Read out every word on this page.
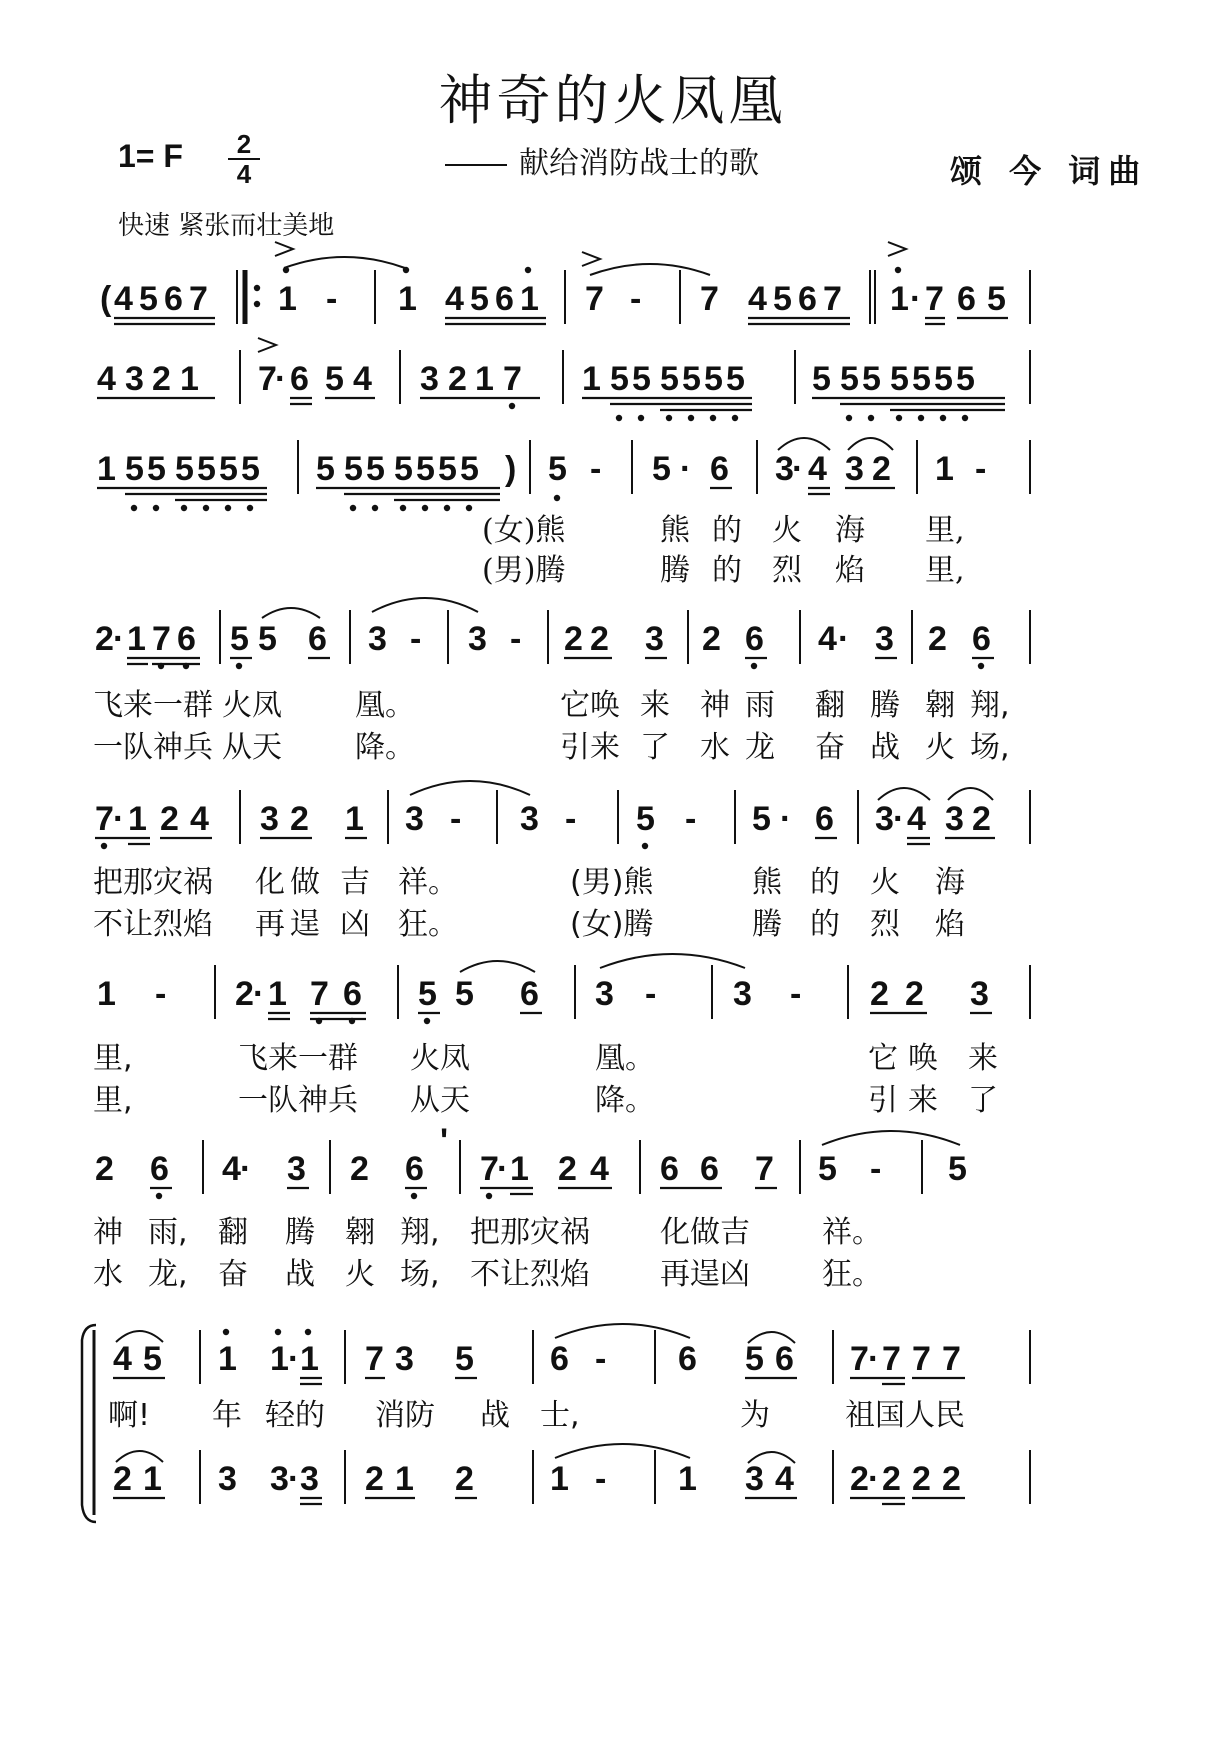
神奇的火凤凰
献给消防战士的歌
1= F $\frac{2}{4}$	颂 今 词曲
快速 紧张而壮美地
( 4 5 6 7 1 - 1 4 5 6 1 7 - 7 4 5 6 7 1 · 7 6 5
4 3 2 1 7
· 6 5 4 3 2 1 7 1 5 5 5 5 5 5 5 5 5 5 5 5 5
1 5 5 5 5 5 5 5 5 5 5 5 5 5 ) 5 - 5 · 6 3
· 4 3 2 1 -
(女)熊	熊 的 火 海 里,
(男)腾	腾 的 烈 焰 里,
2 · 1 7 6 5 5 6 3 - 3 - 2 2 3 2 6 4 · 3 2 6
飞来一群 火凤 凰。	它唤 来 神 雨 翻 腾 翱 翔,
一队神兵 从天 降。	引来 了 水 龙 奋 战 火 场,
7 · 1 2 4 3 2 1 3 - 3 - 5 - 5 · 6 3 · 4 3 2
把那灾祸 化 做 吉 祥。	(男)熊	熊 的 火 海
不让烈焰 再 逞 凶 狂。	(女)腾	腾 的 烈 焰
1 - 2 · 1 7 6 5 5 6 3 - 3 - 2 2 3
里,	飞 来一群 火凤	凰。	它 唤 来
里,	一 队神兵 从天	降。	引 来 了
2 6 4 · 3 2 6 7
· 1 2 4 6 6 7 5 - 5
神 雨, 翻 腾 翱 翔, 把那灾祸 化做吉 祥。
水 龙, 奋 战 火 场, 不让烈焰 再逞凶 狂。
'
4 5 1 1 · 1 7 3 5 6 - 6 5 6 7 · 7 7 7
啊! 年 轻的 消防 战 士,	为	祖国人民
2 1 3 3 · 3 2 1 2 1 - 1 3 4 2 · 2 2 2
